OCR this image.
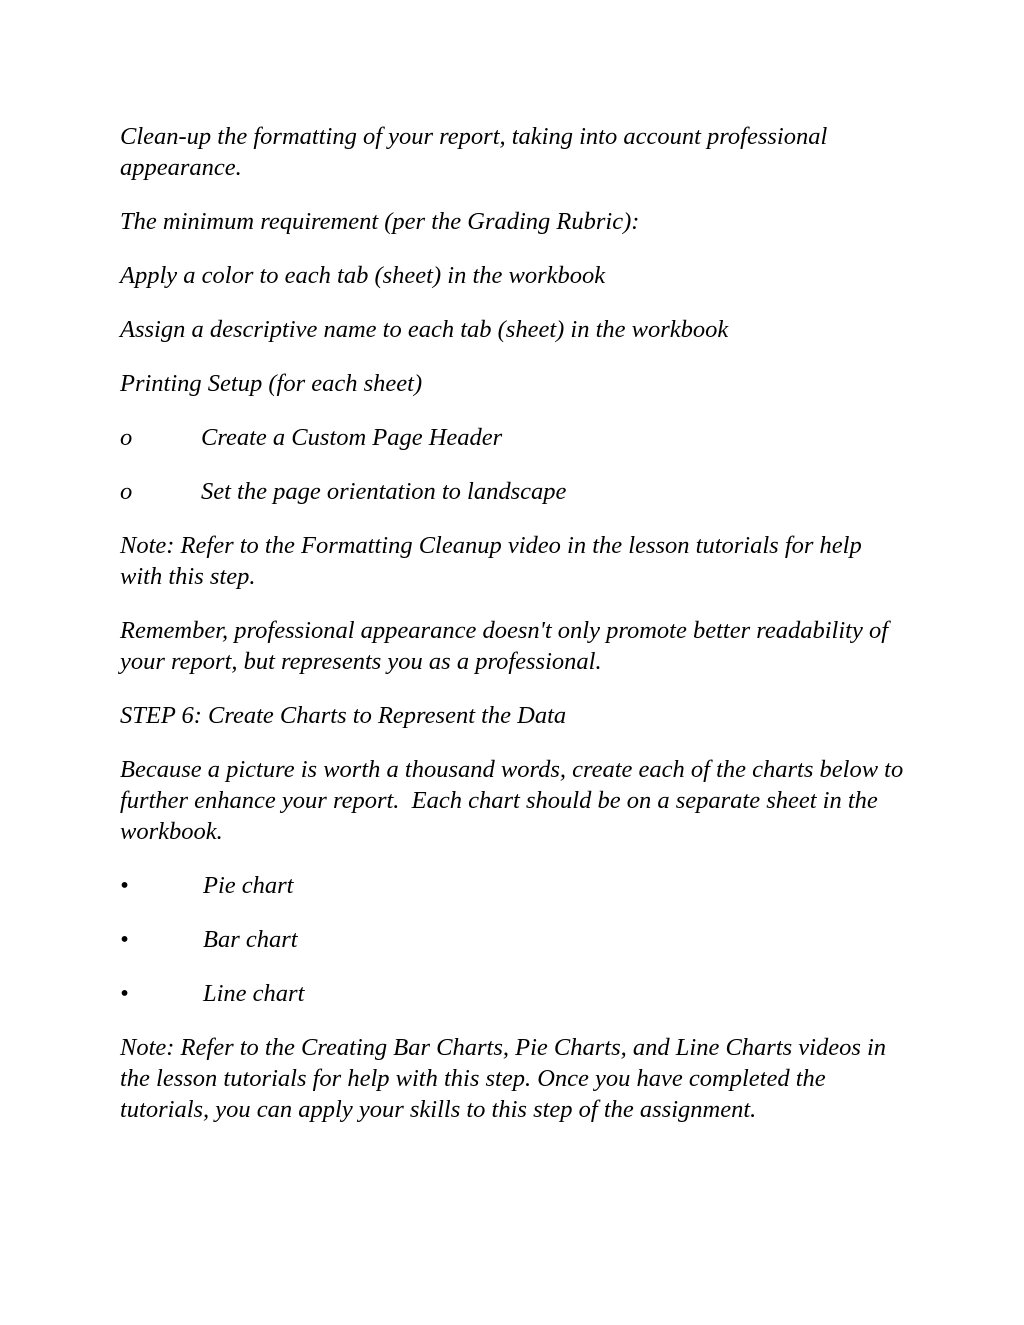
Clean-up the formatting of your report, taking into account professional appearance.

The minimum requirement (per the Grading Rubric):

Apply a color to each tab (sheet) in the workbook

Assign a descriptive name to each tab (sheet) in the workbook

Printing Setup (for each sheet)

o	Create a Custom Page Header
o	Set the page orientation to landscape

Note: Refer to the Formatting Cleanup video in the lesson tutorials for help with this step.

Remember, professional appearance doesn't only promote better readability of your report, but represents you as a professional.

STEP 6: Create Charts to Represent the Data

Because a picture is worth a thousand words, create each of the charts below to further enhance your report.  Each chart should be on a separate sheet in the workbook.

•	Pie chart
•	Bar chart
•	Line chart

Note: Refer to the Creating Bar Charts, Pie Charts, and Line Charts videos in the lesson tutorials for help with this step. Once you have completed the tutorials, you can apply your skills to this step of the assignment.
